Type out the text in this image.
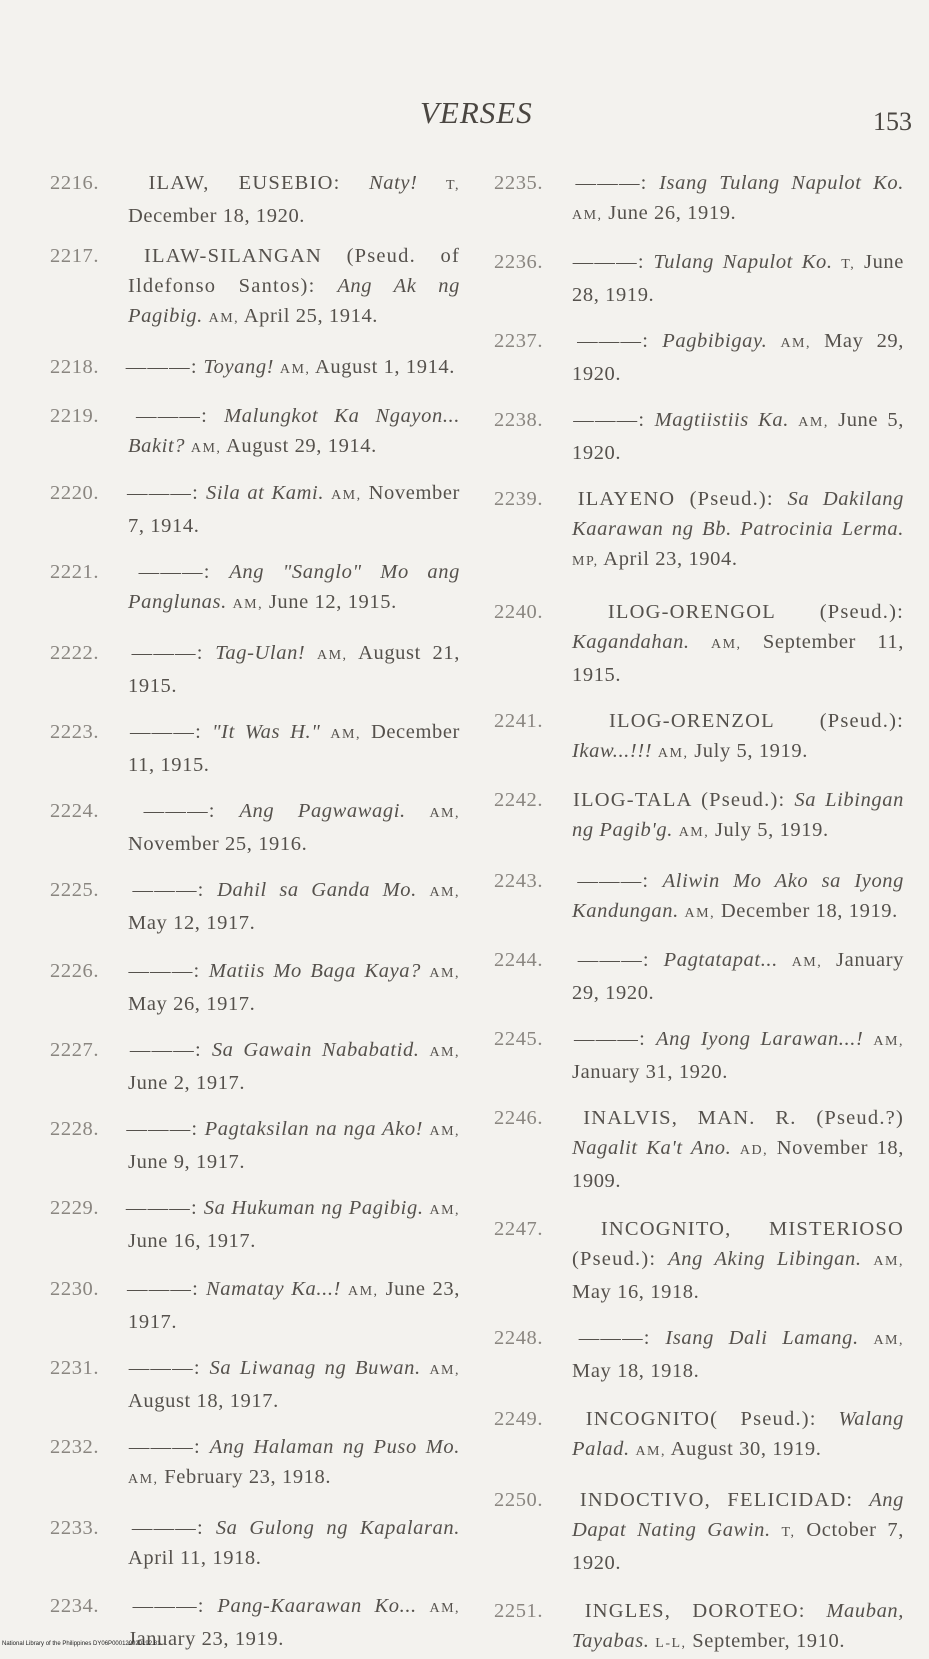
VERSES	153
2216. ILAW, EUSEBIO: Naty! T, December 18, 1920.
2217. ILAW-SILANGAN (Pseud. of Ildefonso Santos): Ang Ak ng Pagibig. AM, April 25, 1914.
2218. ———: Toyang! AM, August 1, 1914.
2219. ———: Malungkot Ka Ngayon... Bakit? AM, August 29, 1914.
2220. ———: Sila at Kami. AM, November 7, 1914.
2221. ———: Ang "Sanglo" Mo ang Panglunas. AM, June 12, 1915.
2222. ———: Tag-Ulan! AM, August 21, 1915.
2223. ———: "It Was H." AM, December 11, 1915.
2224. ———: Ang Pagwawagi. AM, November 25, 1916.
2225. ———: Dahil sa Ganda Mo. AM, May 12, 1917.
2226. ———: Matiis Mo Baga Kaya? AM, May 26, 1917.
2227. ———: Sa Gawain Nababatid. AM, June 2, 1917.
2228. ———: Pagtaksilan na nga Ako! AM, June 9, 1917.
2229. ———: Sa Hukuman ng Pagibig. AM, June 16, 1917.
2230. ———: Namatay Ka...! AM, June 23, 1917.
2231. ———: Sa Liwanag ng Buwan. AM, August 18, 1917.
2232. ———: Ang Halaman ng Puso Mo. AM, February 23, 1918.
2233. ———: Sa Gulong ng Kapalaran. April 11, 1918.
2234. ———: Pang-Kaarawan Ko... AM, January 23, 1919.
2235. ———: Isang Tulang Napulot Ko. AM, June 26, 1919.
2236. ———: Tulang Napulot Ko. T, June 28, 1919.
2237. ———: Pagbibigay. AM, May 29, 1920.
2238. ———: Magtiistiis Ka. AM, June 5, 1920.
2239. ILAYENO (Pseud.): Sa Dakilang Kaarawan ng Bb. Patrocinia Lerma. MP, April 23, 1904.
2240.	ILOG-ORENGOL (Pseud.): Kagandahan. AM, September 11, 1915.
2241.	ILOG-ORENZOL (Pseud.): Ikaw...!!! AM, July 5, 1919.
2242. ILOG-TALA (Pseud.): Sa Libingan ng Pagib'g. AM, July 5, 1919.
2243. ———: Aliwin Mo Ako sa Iyong Kandungan. AM, December 18, 1919.
2244. ———: Pagtatapat... AM, January 29, 1920.
2245. ———: Ang Iyong Larawan...! AM, January 31, 1920.
2246. INALVIS, MAN. R. (Pseud.?) Nagalit Ka't Ano. AD, November 18, 1909.
2247.	INCOGNITO, MISTERIOSO (Pseud.): Ang Aking Libingan. AM, May 16, 1918.
2248. ———: Isang Dali Lamang. AM, May 18, 1918.
2249. INCOGNITO( Pseud.): Walang Palad. AM, August 30, 1919.
2250. INDOCTIVO, FELICIDAD: Ang Dapat Nating Gawin. T, October 7, 1920.
2251. INGLES, DOROTEO: Mauban, Tayabas. L-L, September, 1910.
National Library of the Philippines DY06P000129920192.81
